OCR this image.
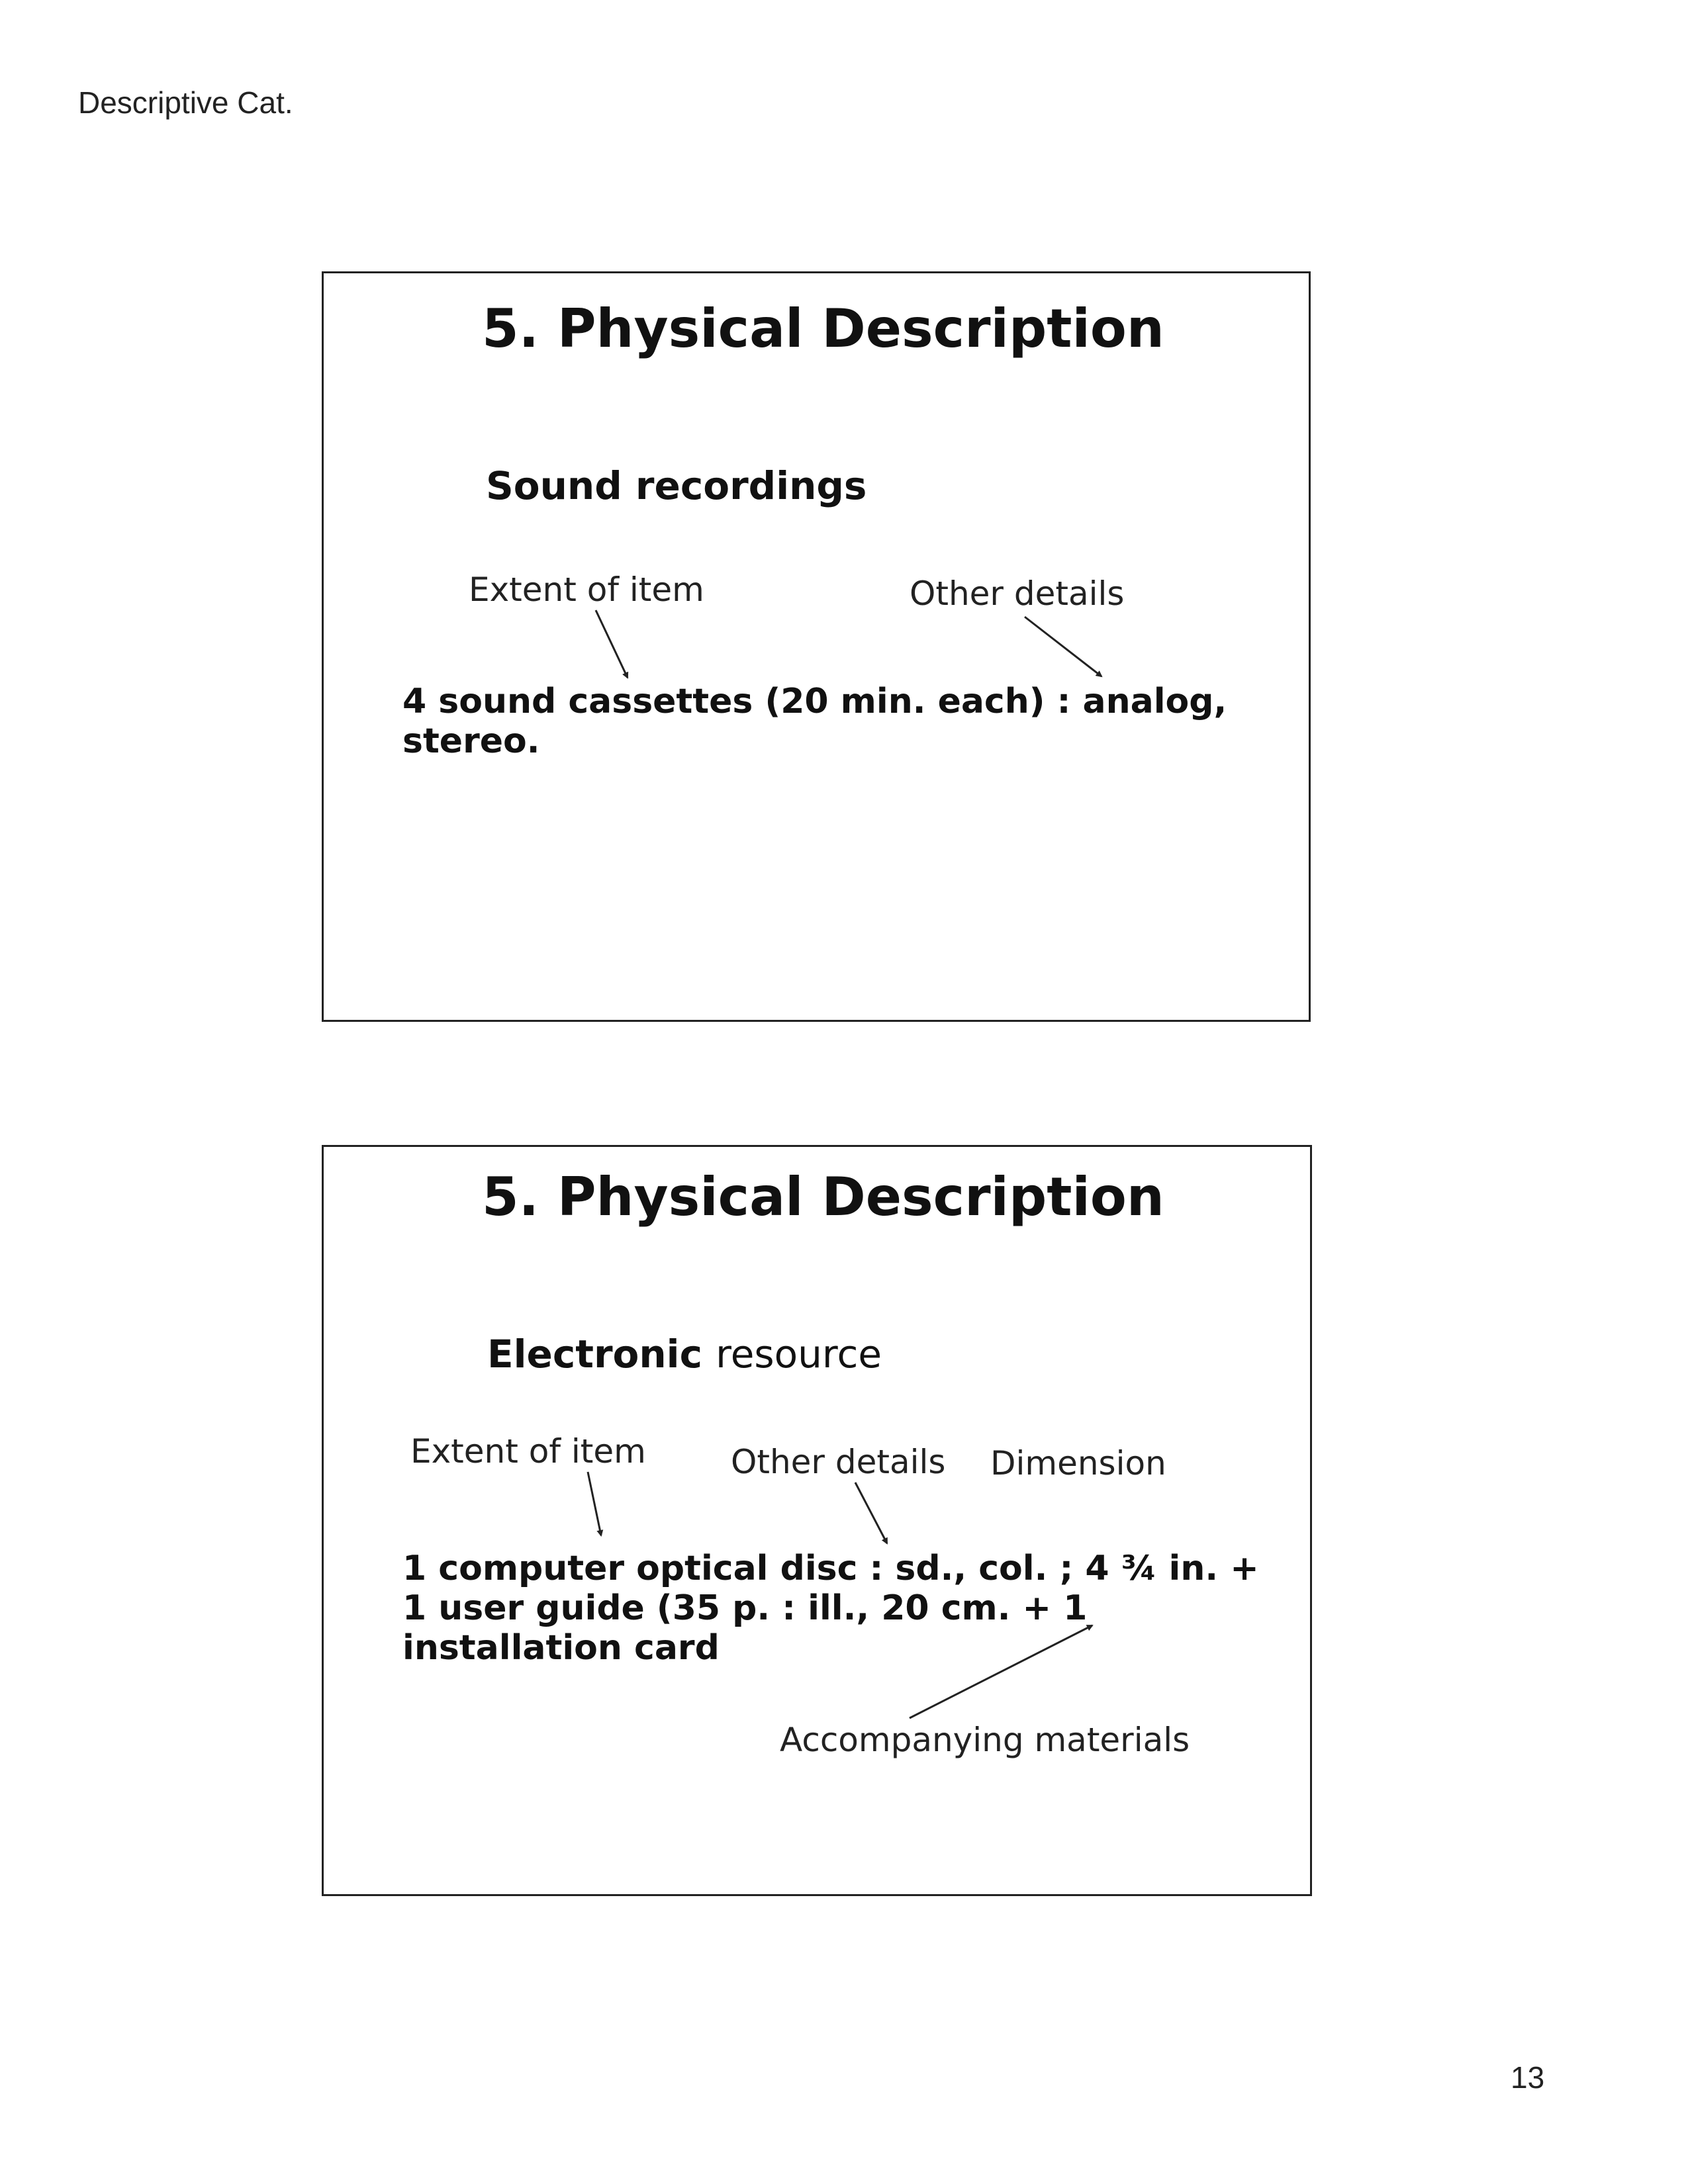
Descriptive Cat.
13
5. Physical Description
Sound recordings
Extent of item	Other details
4 sound cassettes (20 min. each) : analog,
stereo.
5. Physical Description
Electronic resource
Extent of item	Other details Dimension
1 computer optical disc : sd., col. ; 4 ¾ in. +
1 user guide (35 p. : ill., 20 cm. + 1
installation card
Accompanying materials
